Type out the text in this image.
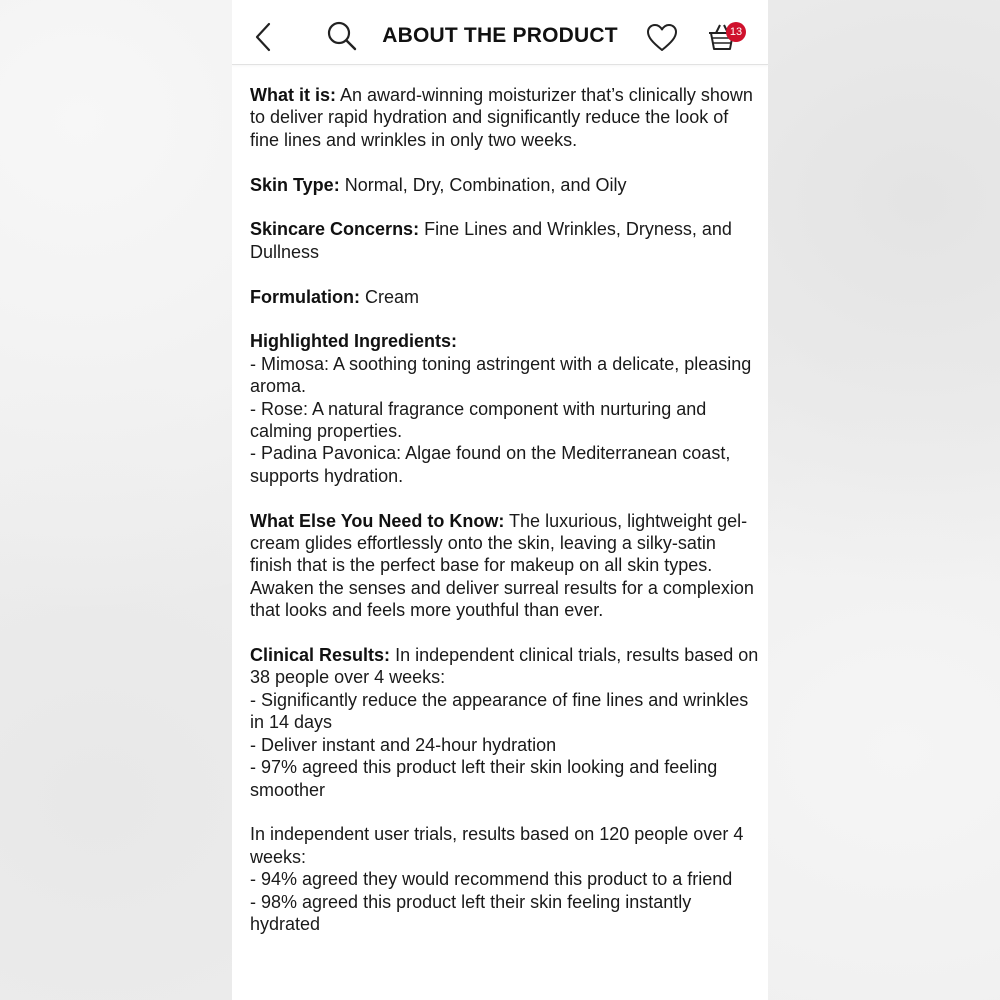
ABOUT THE PRODUCT	13

What it is: An award-winning moisturizer that’s clinically shown to deliver rapid hydration and significantly reduce the look of fine lines and wrinkles in only two weeks.

Skin Type: Normal, Dry, Combination, and Oily

Skincare Concerns: Fine Lines and Wrinkles, Dryness, and Dullness

Formulation: Cream

Highlighted Ingredients:
- Mimosa: A soothing toning astringent with a delicate, pleasing aroma.
- Rose: A natural fragrance component with nurturing and calming properties.
- Padina Pavonica: Algae found on the Mediterranean coast, supports hydration.

What Else You Need to Know: The luxurious, lightweight gel-cream glides effortlessly onto the skin, leaving a silky-satin finish that is the perfect base for makeup on all skin types. Awaken the senses and deliver surreal results for a complexion that looks and feels more youthful than ever.

Clinical Results: In independent clinical trials, results based on 38 people over 4 weeks:
- Significantly reduce the appearance of fine lines and wrinkles in 14 days
- Deliver instant and 24-hour hydration
- 97% agreed this product left their skin looking and feeling smoother

In independent user trials, results based on 120 people over 4 weeks:
- 94% agreed they would recommend this product to a friend
- 98% agreed this product left their skin feeling instantly hydrated
